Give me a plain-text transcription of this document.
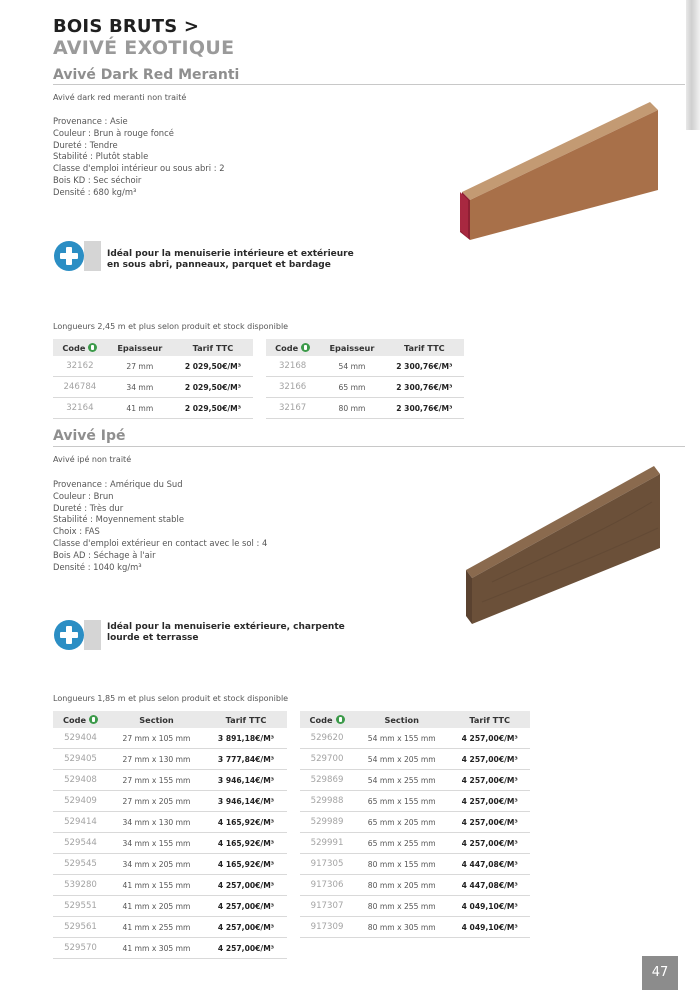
BOIS BRUTS >
AVIVÉ EXOTIQUE
Avivé Dark Red Meranti
Avivé dark red meranti non traité
Provenance : Asie
Couleur : Brun à rouge foncé
Dureté : Tendre
Stabilité : Plutôt stable
Classe d'emploi intérieur ou sous abri : 2
Bois KD : Sec séchoir
Densité : 680 kg/m³
Idéal pour la menuiserie intérieure et extérieure
en sous abri, panneaux, parquet et bardage
Longueurs 2,45 m et plus selon produit et stock disponible
Code	Epaisseur	Tarif TTC
32162	27 mm	2 029,50€/M³
246784	34 mm	2 029,50€/M³
32164	41 mm	2 029,50€/M³
Code	Epaisseur	Tarif TTC
32168	54 mm	2 300,76€/M³
32166	65 mm	2 300,76€/M³
32167	80 mm	2 300,76€/M³
Avivé Ipé
Avivé ipé non traité
Provenance : Amérique du Sud
Couleur : Brun
Dureté : Très dur
Stabilité : Moyennement stable
Choix : FAS
Classe d'emploi extérieur en contact avec le sol : 4
Bois AD : Séchage à l'air
Densité : 1040 kg/m³
Idéal pour la menuiserie extérieure, charpente
lourde et terrasse
Longueurs 1,85 m et plus selon produit et stock disponible
Code	Section	Tarif TTC
529404	27 mm x 105 mm	3 891,18€/M³
529405	27 mm x 130 mm	3 777,84€/M³
529408	27 mm x 155 mm	3 946,14€/M³
529409	27 mm x 205 mm	3 946,14€/M³
529414	34 mm x 130 mm	4 165,92€/M³
529544	34 mm x 155 mm	4 165,92€/M³
529545	34 mm x 205 mm	4 165,92€/M³
539280	41 mm x 155 mm	4 257,00€/M³
529551	41 mm x 205 mm	4 257,00€/M³
529561	41 mm x 255 mm	4 257,00€/M³
529570	41 mm x 305 mm	4 257,00€/M³
Code	Section	Tarif TTC
529620	54 mm x 155 mm	4 257,00€/M³
529700	54 mm x 205 mm	4 257,00€/M³
529869	54 mm x 255 mm	4 257,00€/M³
529988	65 mm x 155 mm	4 257,00€/M³
529989	65 mm x 205 mm	4 257,00€/M³
529991	65 mm x 255 mm	4 257,00€/M³
917305	80 mm x 155 mm	4 447,08€/M³
917306	80 mm x 205 mm	4 447,08€/M³
917307	80 mm x 255 mm	4 049,10€/M³
917309	80 mm x 305 mm	4 049,10€/M³
47
